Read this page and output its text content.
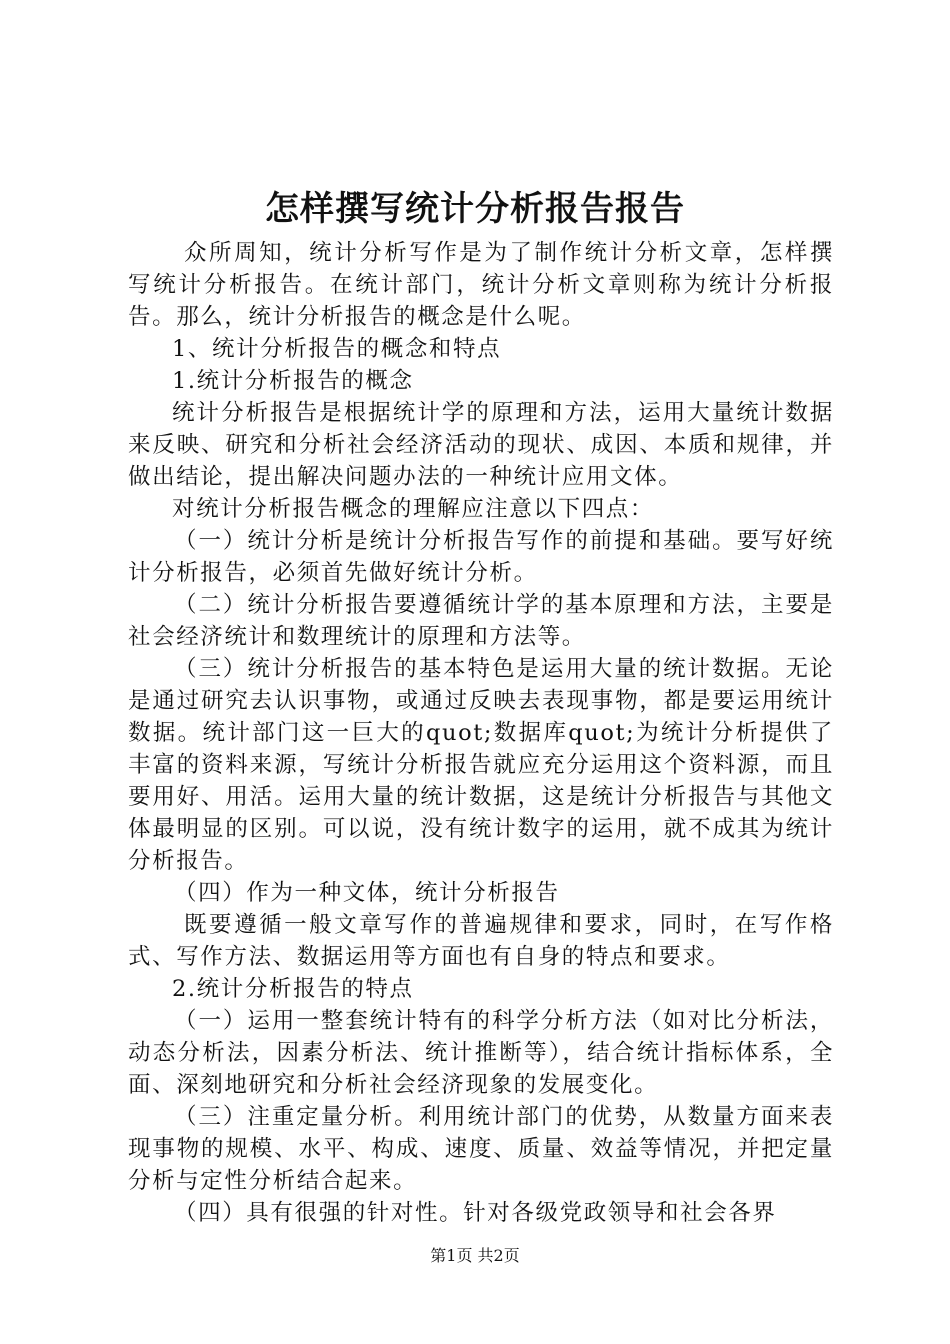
怎样撰写统计分析报告报告

众所周知，统计分析写作是为了制作统计分析文章，怎样撰写统计分析报告。在统计部门，统计分析文章则称为统计分析报告。那么，统计分析报告的概念是什么呢。

1、统计分析报告的概念和特点

1.统计分析报告的概念

统计分析报告是根据统计学的原理和方法，运用大量统计数据来反映、研究和分析社会经济活动的现状、成因、本质和规律，并做出结论，提出解决问题办法的一种统计应用文体。

对统计分析报告概念的理解应注意以下四点：

（一）统计分析是统计分析报告写作的前提和基础。要写好统计分析报告，必须首先做好统计分析。

（二）统计分析报告要遵循统计学的基本原理和方法，主要是社会经济统计和数理统计的原理和方法等。

（三）统计分析报告的基本特色是运用大量的统计数据。无论是通过研究去认识事物，或通过反映去表现事物，都是要运用统计数据。统计部门这一巨大的quot;数据库quot;为统计分析提供了丰富的资料来源，写统计分析报告就应充分运用这个资料源，而且要用好、用活。运用大量的统计数据，这是统计分析报告与其他文体最明显的区别。可以说，没有统计数字的运用，就不成其为统计分析报告。

（四）作为一种文体，统计分析报告

既要遵循一般文章写作的普遍规律和要求，同时，在写作格式、写作方法、数据运用等方面也有自身的特点和要求。

2.统计分析报告的特点

（一）运用一整套统计特有的科学分析方法（如对比分析法，动态分析法，因素分析法、统计推断等），结合统计指标体系，全面、深刻地研究和分析社会经济现象的发展变化。

（三）注重定量分析。利用统计部门的优势，从数量方面来表现事物的规模、水平、构成、速度、质量、效益等情况，并把定量分析与定性分析结合起来。

（四）具有很强的针对性。针对各级党政领导和社会各界

第1页 共2页
